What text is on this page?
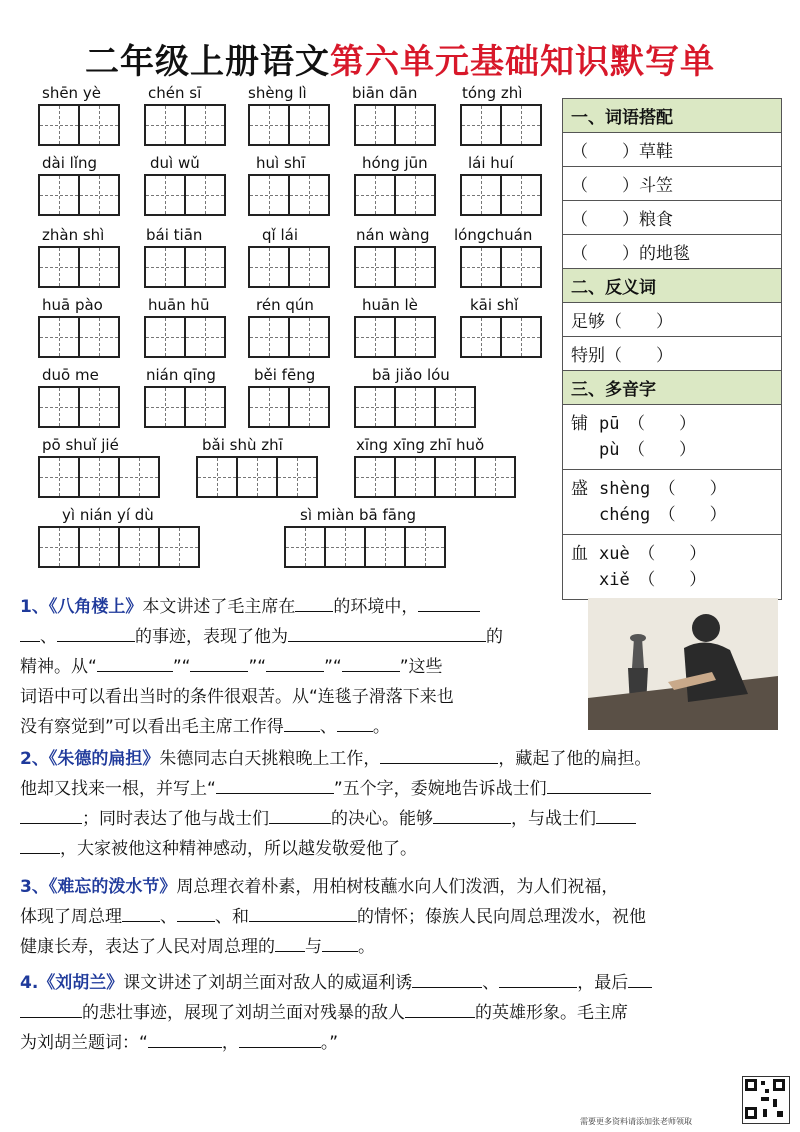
二年级上册语文第六单元基础知识默写单
shēn yè	chén sī	shèng lì	biān dān	tóng zhì
dài lǐng	duì wǔ	huì shī	hóng jūn	lái huí
zhàn shì	bái tiān	qǐ lái	nán wàng lóngchuán
huā pào	huān hū	rén qún	huān lè	kāi shǐ
duō me	nián qīng	běi fēng	bā jiǎo lóu
pō shuǐ jié	bǎi shù zhī	xīng xīng zhī huǒ
yì nián yí dù	sì miàn bā fāng
一、词语搭配
（　　）草鞋
（　　）斗笠
（　　）粮食
（　　）的地毯
二、反义词
足够（　　）
特别（　　）
三、多音字
铺 pū　（　　）
pù　（　　）
盛 shèng　（　　）
chéng　（　　）
血 xuè　（　　）
xiě　（　　）
1、《八角楼上》本文讲述了毛主席在 的环境中，
、	的事迹，表现了他为	的
精神。从“	”“	”“	”“	”这些
词语中可以看出当时的条件很艰苦。从“连毯子滑落下来也
没有察觉到”可以看出毛主席工作得 、 。
2、《朱德的扁担》朱德同志白天挑粮晚上工作，	，藏起了他的扁担。
他却又找来一根，并写上“	”五个字，委婉地告诉战士们
；同时表达了他与战士们	的决心。能够	，与战士们
，大家被他这种精神感动，所以越发敬爱他了。
3、《难忘的泼水节》周总理衣着朴素，用柏树枝蘸水向人们泼洒，为人们祝福，
体现了周总理 、 、和	的情怀；傣族人民向周总理泼水，祝他
健康长寿，表达了人民对周总理的 与 。
4.《刘胡兰》课文讲述了刘胡兰面对敌人的威逼利诱	、	，最后
的悲壮事迹，展现了刘胡兰面对残暴的敌人	的英雄形象。毛主席
为刘胡兰题词：“	，	。”
需要更多资料请添加张老师领取
